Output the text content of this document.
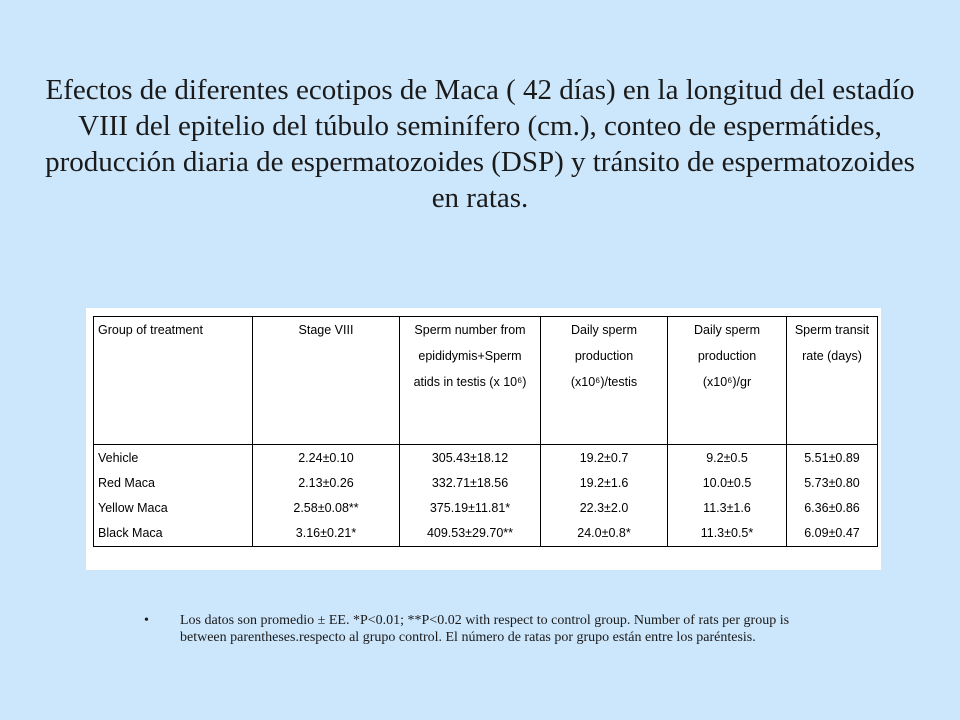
Efectos de diferentes ecotipos de Maca ( 42 días) en la longitud del estadío VIII del epitelio del túbulo seminífero (cm.), conteo de espermátides, producción diaria de espermatozoides (DSP) y tránsito de espermatozoides en ratas.
Group of treatment	Stage VIII	Sperm number from epididymis+Sperm atids in testis (x 10⁶)	Daily sperm production (x10⁶)/testis	Daily sperm production (x10⁶)/gr	Sperm transit rate (days)
Vehicle	2.24±0.10	305.43±18.12	19.2±0.7	9.2±0.5	5.51±0.89
Red Maca	2.13±0.26	332.71±18.56	19.2±1.6	10.0±0.5	5.73±0.80
Yellow Maca	2.58±0.08**	375.19±11.81*	22.3±2.0	11.3±1.6	6.36±0.86
Black Maca	3.16±0.21*	409.53±29.70**	24.0±0.8*	11.3±0.5*	6.09±0.47
• Los datos son promedio ± EE. *P<0.01; **P<0.02 with respect to control group. Number of rats per group is between parentheses.respecto al grupo control. El número de ratas por grupo están entre los paréntesis.
